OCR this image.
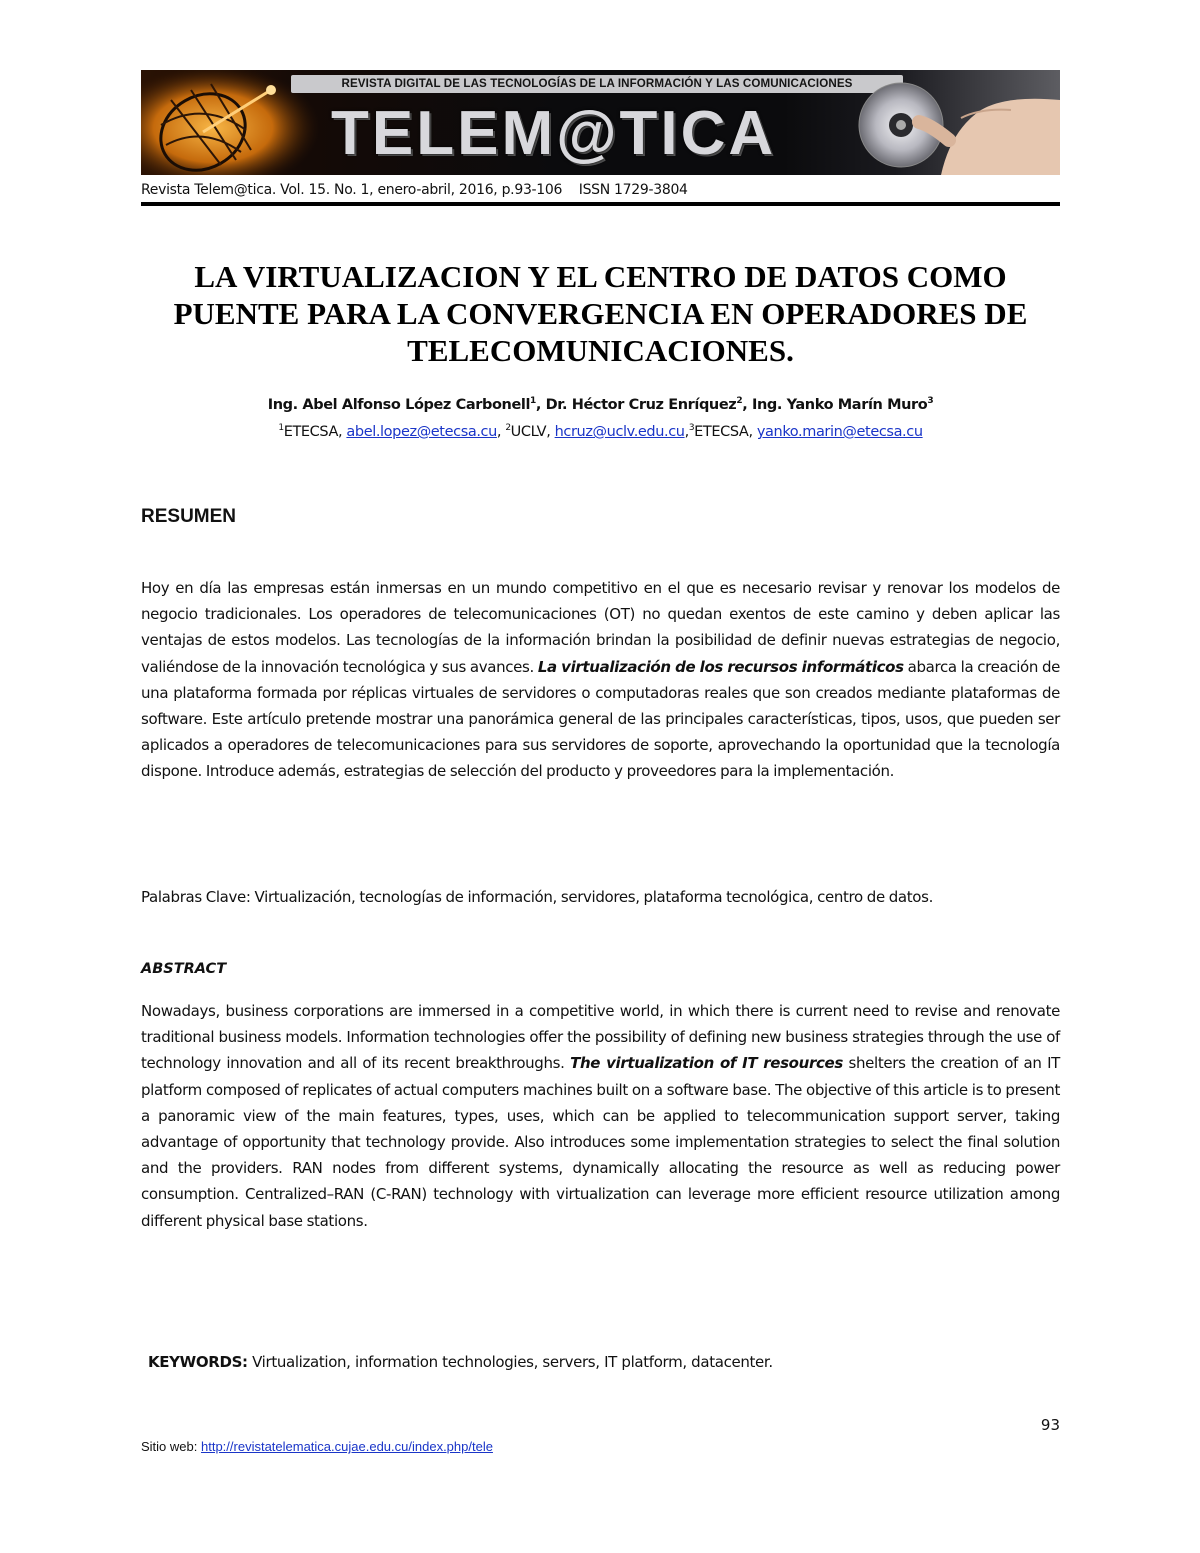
REVISTA DIGITAL DE LAS TECNOLOGÍAS DE LA INFORMACIÓN Y LAS COMUNICACIONES
TELEM@TICA
Revista Telem@tica. Vol. 15. No. 1, enero-abril, 2016, p.93-106 ISSN 1729-3804
LA VIRTUALIZACION Y EL CENTRO DE DATOS COMO PUENTE PARA LA CONVERGENCIA EN OPERADORES DE TELECOMUNICACIONES.
Ing. Abel Alfonso López Carbonell$^1$, Dr. Héctor Cruz Enríquez$^2$, Ing. Yanko Marín Muro$^3$
$^1$ETECSA, abel.lopez@etecsa.cu, $^2$UCLV, hcruz@uclv.edu.cu,$^3$ETECSA, yanko.marin@etecsa.cu
RESUMEN
Hoy en día las empresas están inmersas en un mundo competitivo en el que es necesario revisar y renovar los modelos de negocio tradicionales. Los operadores de telecomunicaciones (OT) no quedan exentos de este camino y deben aplicar las ventajas de estos modelos. Las tecnologías de la información brindan la posibilidad de definir nuevas estrategias de negocio, valiéndose de la innovación tecnológica y sus avances. La virtualización de los recursos informáticos abarca la creación de una plataforma formada por réplicas virtuales de servidores o computadoras reales que son creados mediante plataformas de software. Este artículo pretende mostrar una panorámica general de las principales características, tipos, usos, que pueden ser aplicados a operadores de telecomunicaciones para sus servidores de soporte, aprovechando la oportunidad que la tecnología dispone. Introduce además, estrategias de selección del producto y proveedores para la implementación.
Palabras Clave: Virtualización, tecnologías de información, servidores, plataforma tecnológica, centro de datos.
ABSTRACT
Nowadays, business corporations are immersed in a competitive world, in which there is current need to revise and renovate traditional business models. Information technologies offer the possibility of defining new business strategies through the use of technology innovation and all of its recent breakthroughs. The virtualization of IT resources shelters the creation of an IT platform composed of replicates of actual computers machines built on a software base. The objective of this article is to present a panoramic view of the main features, types, uses, which can be applied to telecommunication support server, taking advantage of opportunity that technology provide. Also introduces some implementation strategies to select the final solution and the providers. RAN nodes from different systems, dynamically allocating the resource as well as reducing power consumption. Centralized–RAN (C-RAN) technology with virtualization can leverage more efficient resource utilization among different physical base stations.
KEYWORDS: Virtualization, information technologies, servers, IT platform, datacenter.
93
Sitio web: http://revistatelematica.cujae.edu.cu/index.php/tele
